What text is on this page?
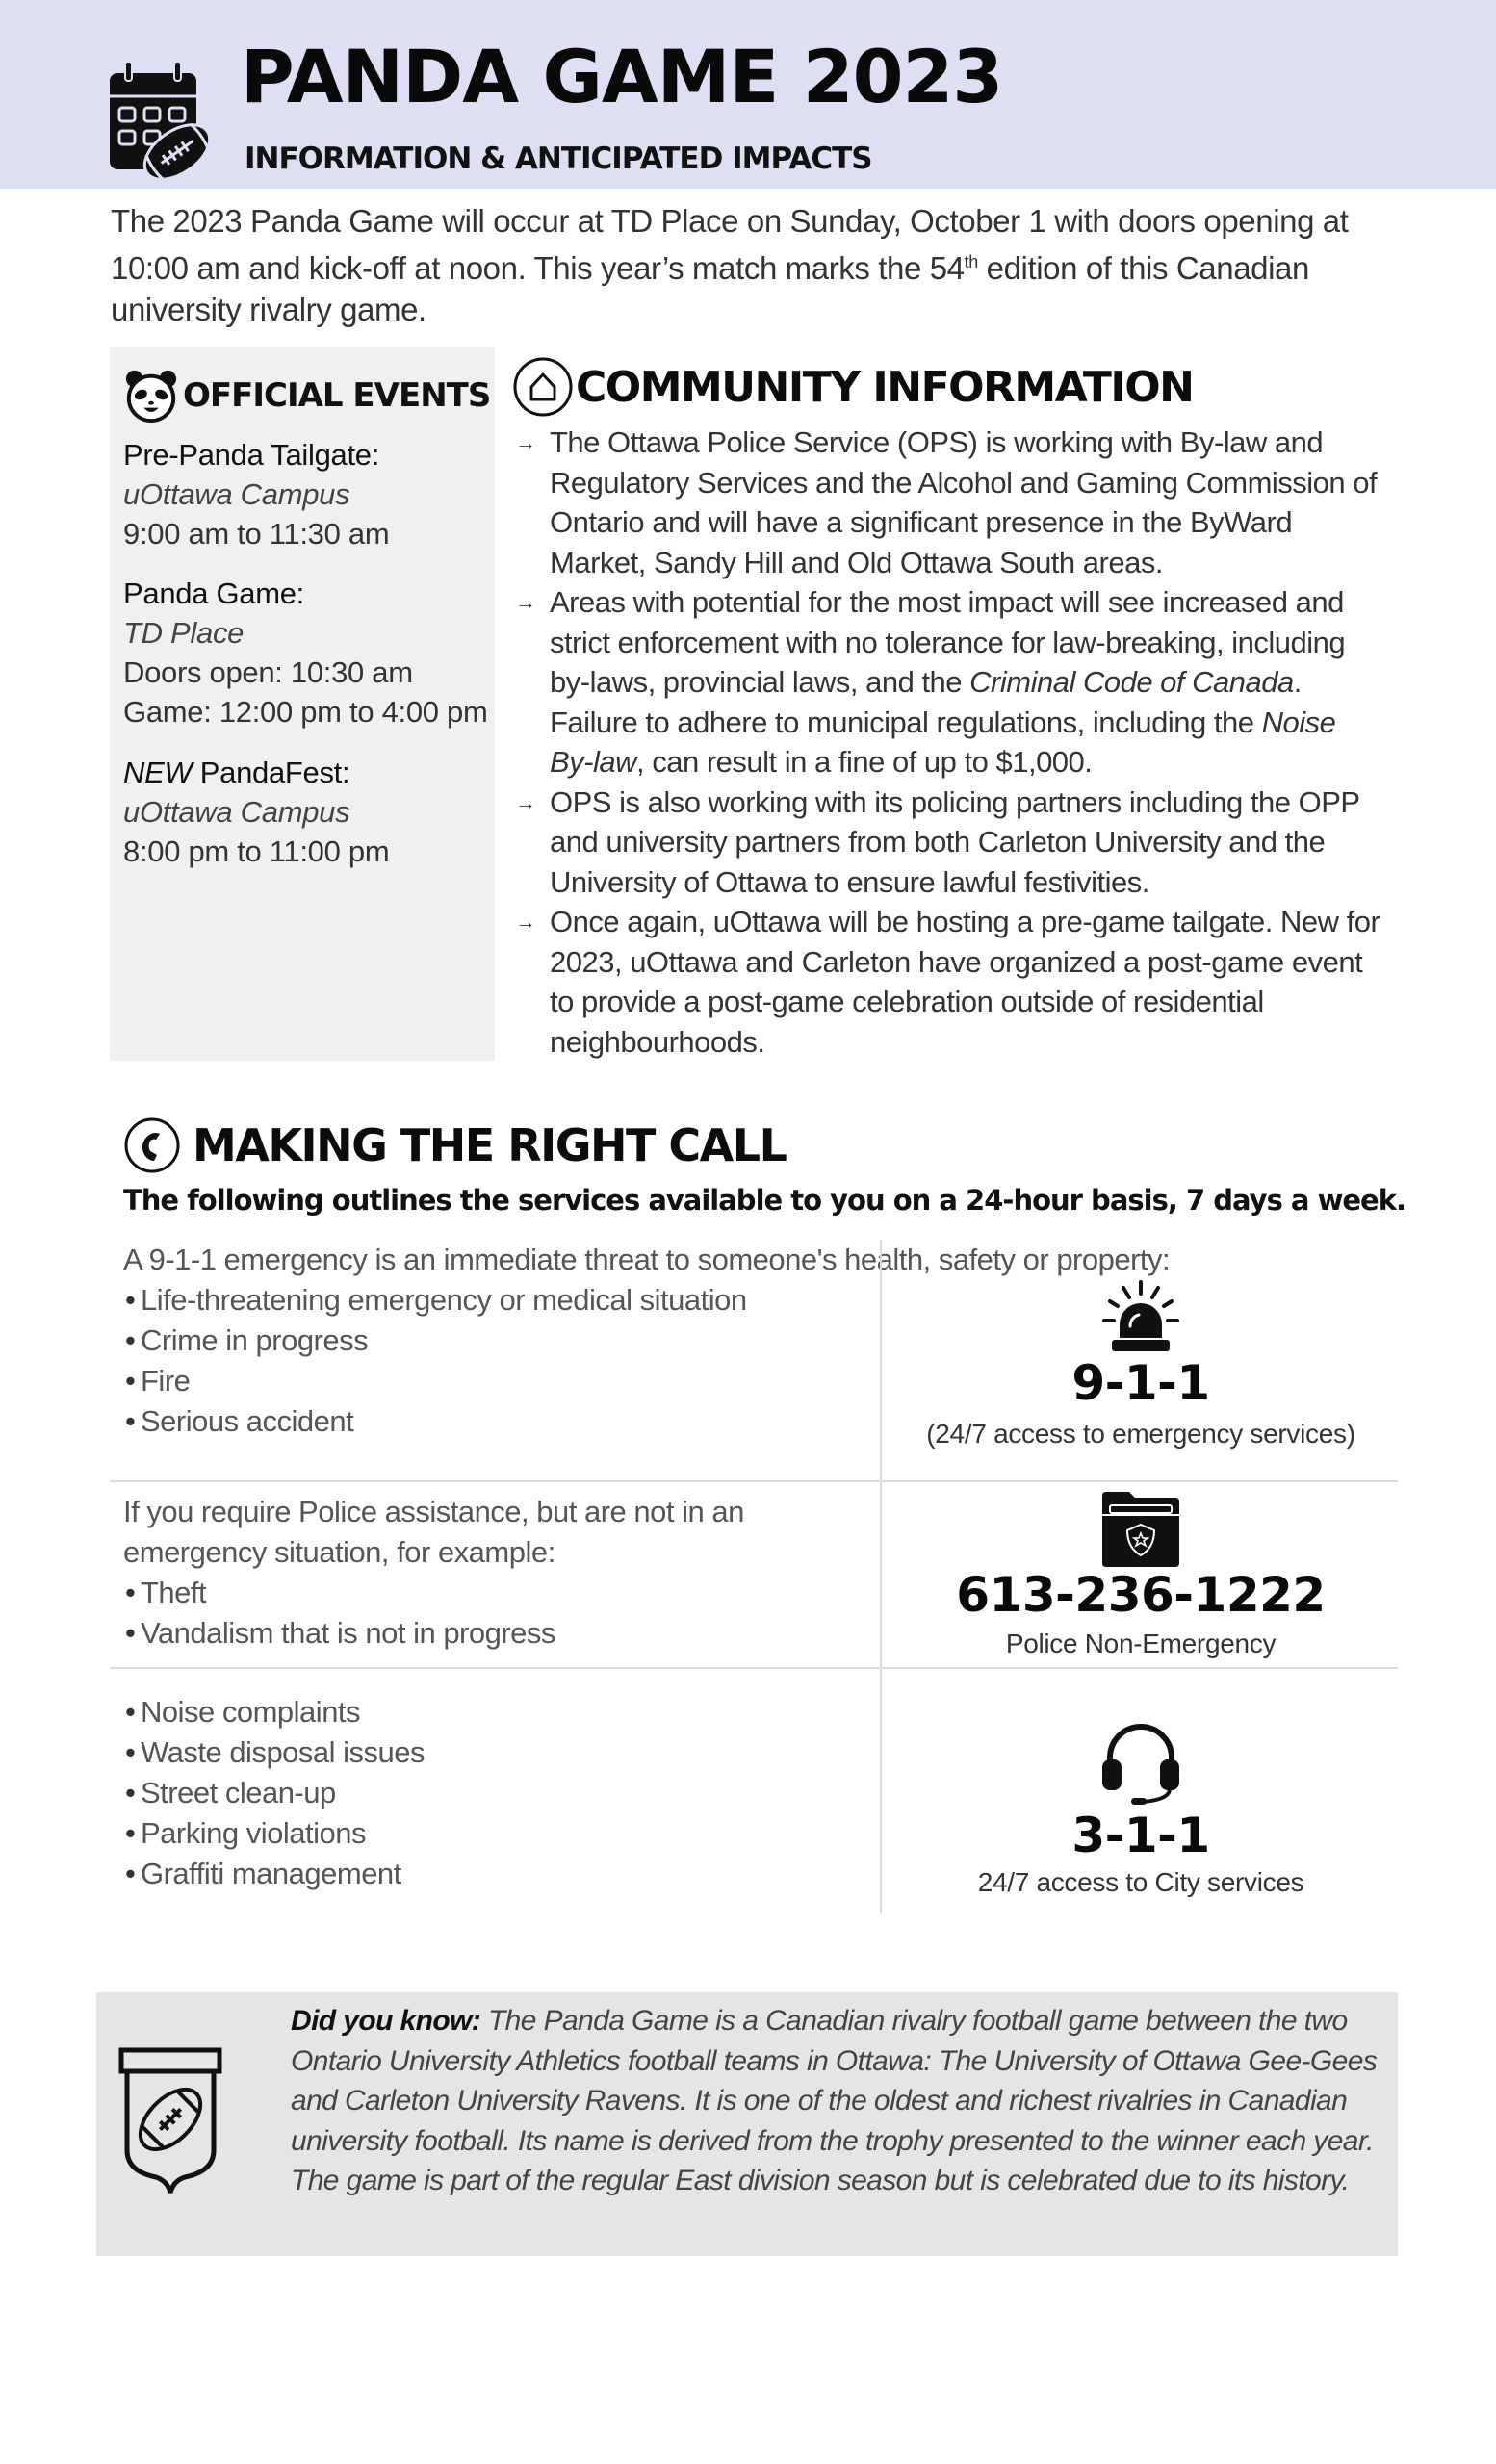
PANDA GAME 2023
INFORMATION & ANTICIPATED IMPACTS

The 2023 Panda Game will occur at TD Place on Sunday, October 1 with doors opening at 10:00 am and kick-off at noon. This year’s match marks the 54th edition of this Canadian university rivalry game.

OFFICIAL EVENTS
Pre-Panda Tailgate:
uOttawa Campus
9:00 am to 11:30 am
Panda Game:
TD Place
Doors open: 10:30 am
Game: 12:00 pm to 4:00 pm
NEW PandaFest:
uOttawa Campus
8:00 pm to 11:00 pm
COMMUNITY INFORMATION
→ The Ottawa Police Service (OPS) is working with By-law and Regulatory Services and the Alcohol and Gaming Commission of Ontario and will have a significant presence in the ByWard Market, Sandy Hill and Old Ottawa South areas.
→ Areas with potential for the most impact will see increased and strict enforcement with no tolerance for law-breaking, including by-laws, provincial laws, and the Criminal Code of Canada. Failure to adhere to municipal regulations, including the Noise By-law, can result in a fine of up to $1,000.
→ OPS is also working with its policing partners including the OPP and university partners from both Carleton University and the University of Ottawa to ensure lawful festivities.
→ Once again, uOttawa will be hosting a pre-game tailgate. New for 2023, uOttawa and Carleton have organized a post-game event to provide a post-game celebration outside of residential neighbourhoods.
MAKING THE RIGHT CALL
The following outlines the services available to you on a 24-hour basis, 7 days a week.
A 9-1-1 emergency is an immediate threat to someone's health, safety or property:
• Life-threatening emergency or medical situation
• Crime in progress
• Fire
• Serious accident
9-1-1
(24/7 access to emergency services)
If you require Police assistance, but are not in an emergency situation, for example:
• Theft
• Vandalism that is not in progress
613-236-1222
Police Non-Emergency
• Noise complaints
• Waste disposal issues
• Street clean-up
• Parking violations
• Graffiti management
3-1-1
24/7 access to City services

Did you know: The Panda Game is a Canadian rivalry football game between the two Ontario University Athletics football teams in Ottawa: The University of Ottawa Gee-Gees and Carleton University Ravens. It is one of the oldest and richest rivalries in Canadian university football. Its name is derived from the trophy presented to the winner each year. The game is part of the regular East division season but is celebrated due to its history.
